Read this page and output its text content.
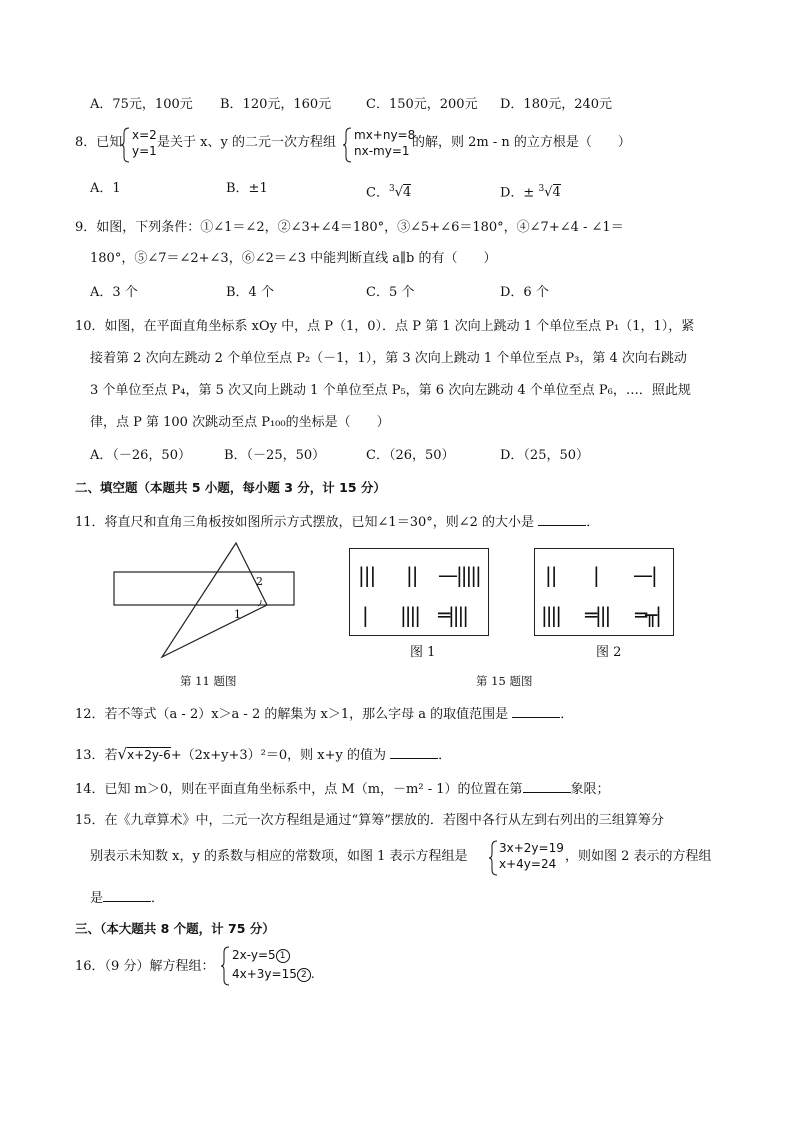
A．75元，100元 B．120元，160元	C．150元，200元 D．180元，240元
8．已知 x=2
y=1
是关于 x、y 的二元一次方程组 mx+ny=8
nx-my=1
的解，则 2m - n 的立方根是（　　）
A．1	B．±1	C．$^3$√4	D．± $^3$√4
9．如图，下列条件：①∠1＝∠2，②∠3+∠4＝180°，③∠5+∠6＝180°，④∠7+∠4 - ∠1＝
180°，⑤∠7＝∠2+∠3，⑥∠2＝∠3 中能判断直线 a∥b 的有（　　）
A．3 个	B．4 个	C．5 个	D．6 个
10．如图，在平面直角坐标系 xOy 中，点 P（1，0）．点 P 第 1 次向上跳动 1 个单位至点 P₁（1，1），紧
接着第 2 次向左跳动 2 个单位至点 P₂（－1，1），第 3 次向上跳动 1 个单位至点 P₃，第 4 次向右跳动
3 个单位至点 P₄，第 5 次又向上跳动 1 个单位至点 P₅，第 6 次向左跳动 4 个单位至点 P₆，…．照此规
律，点 P 第 100 次跳动至点 P₁₀₀的坐标是（　　）
A．（－26，50）	B．（－25，50）	C．（26，50）	D．（25，50）
二、填空题（本题共 5 小题，每小题 3 分，计 15 分）
11．将直尺和直角三角板按如图所示方式摆放，已知∠1＝30°，则∠2 的大小是	．
2
1
第 11 题图
||| || —|||||
| |||| ═||||
图 1
|| | —|
|||| ═||| ═╥|
图 2
第 15 题图
12．若不等式（a - 2）x＞a - 2 的解集为 x＞1，那么字母 a 的取值范围是	．
13．若√x+2y-6+（2x+y+3）²＝0，则 x+y 的值为	．
14．已知 m＞0，则在平面直角坐标系中，点 M（m，－m² - 1）的位置在第	象限；
15．在《九章算术》中，二元一次方程组是通过“算筹”摆放的．若图中各行从左到右列出的三组算筹分
别表示未知数 x，y 的系数与相应的常数项，如图 1 表示方程组是
3x+2y=19
x+4y=24 ，则如图 2 表示的方程组
是	．
三、（本大题共 8 个题，计 75 分）
16．（9 分）解方程组：
2x-y=5 1
4x+3y=15 2 .
